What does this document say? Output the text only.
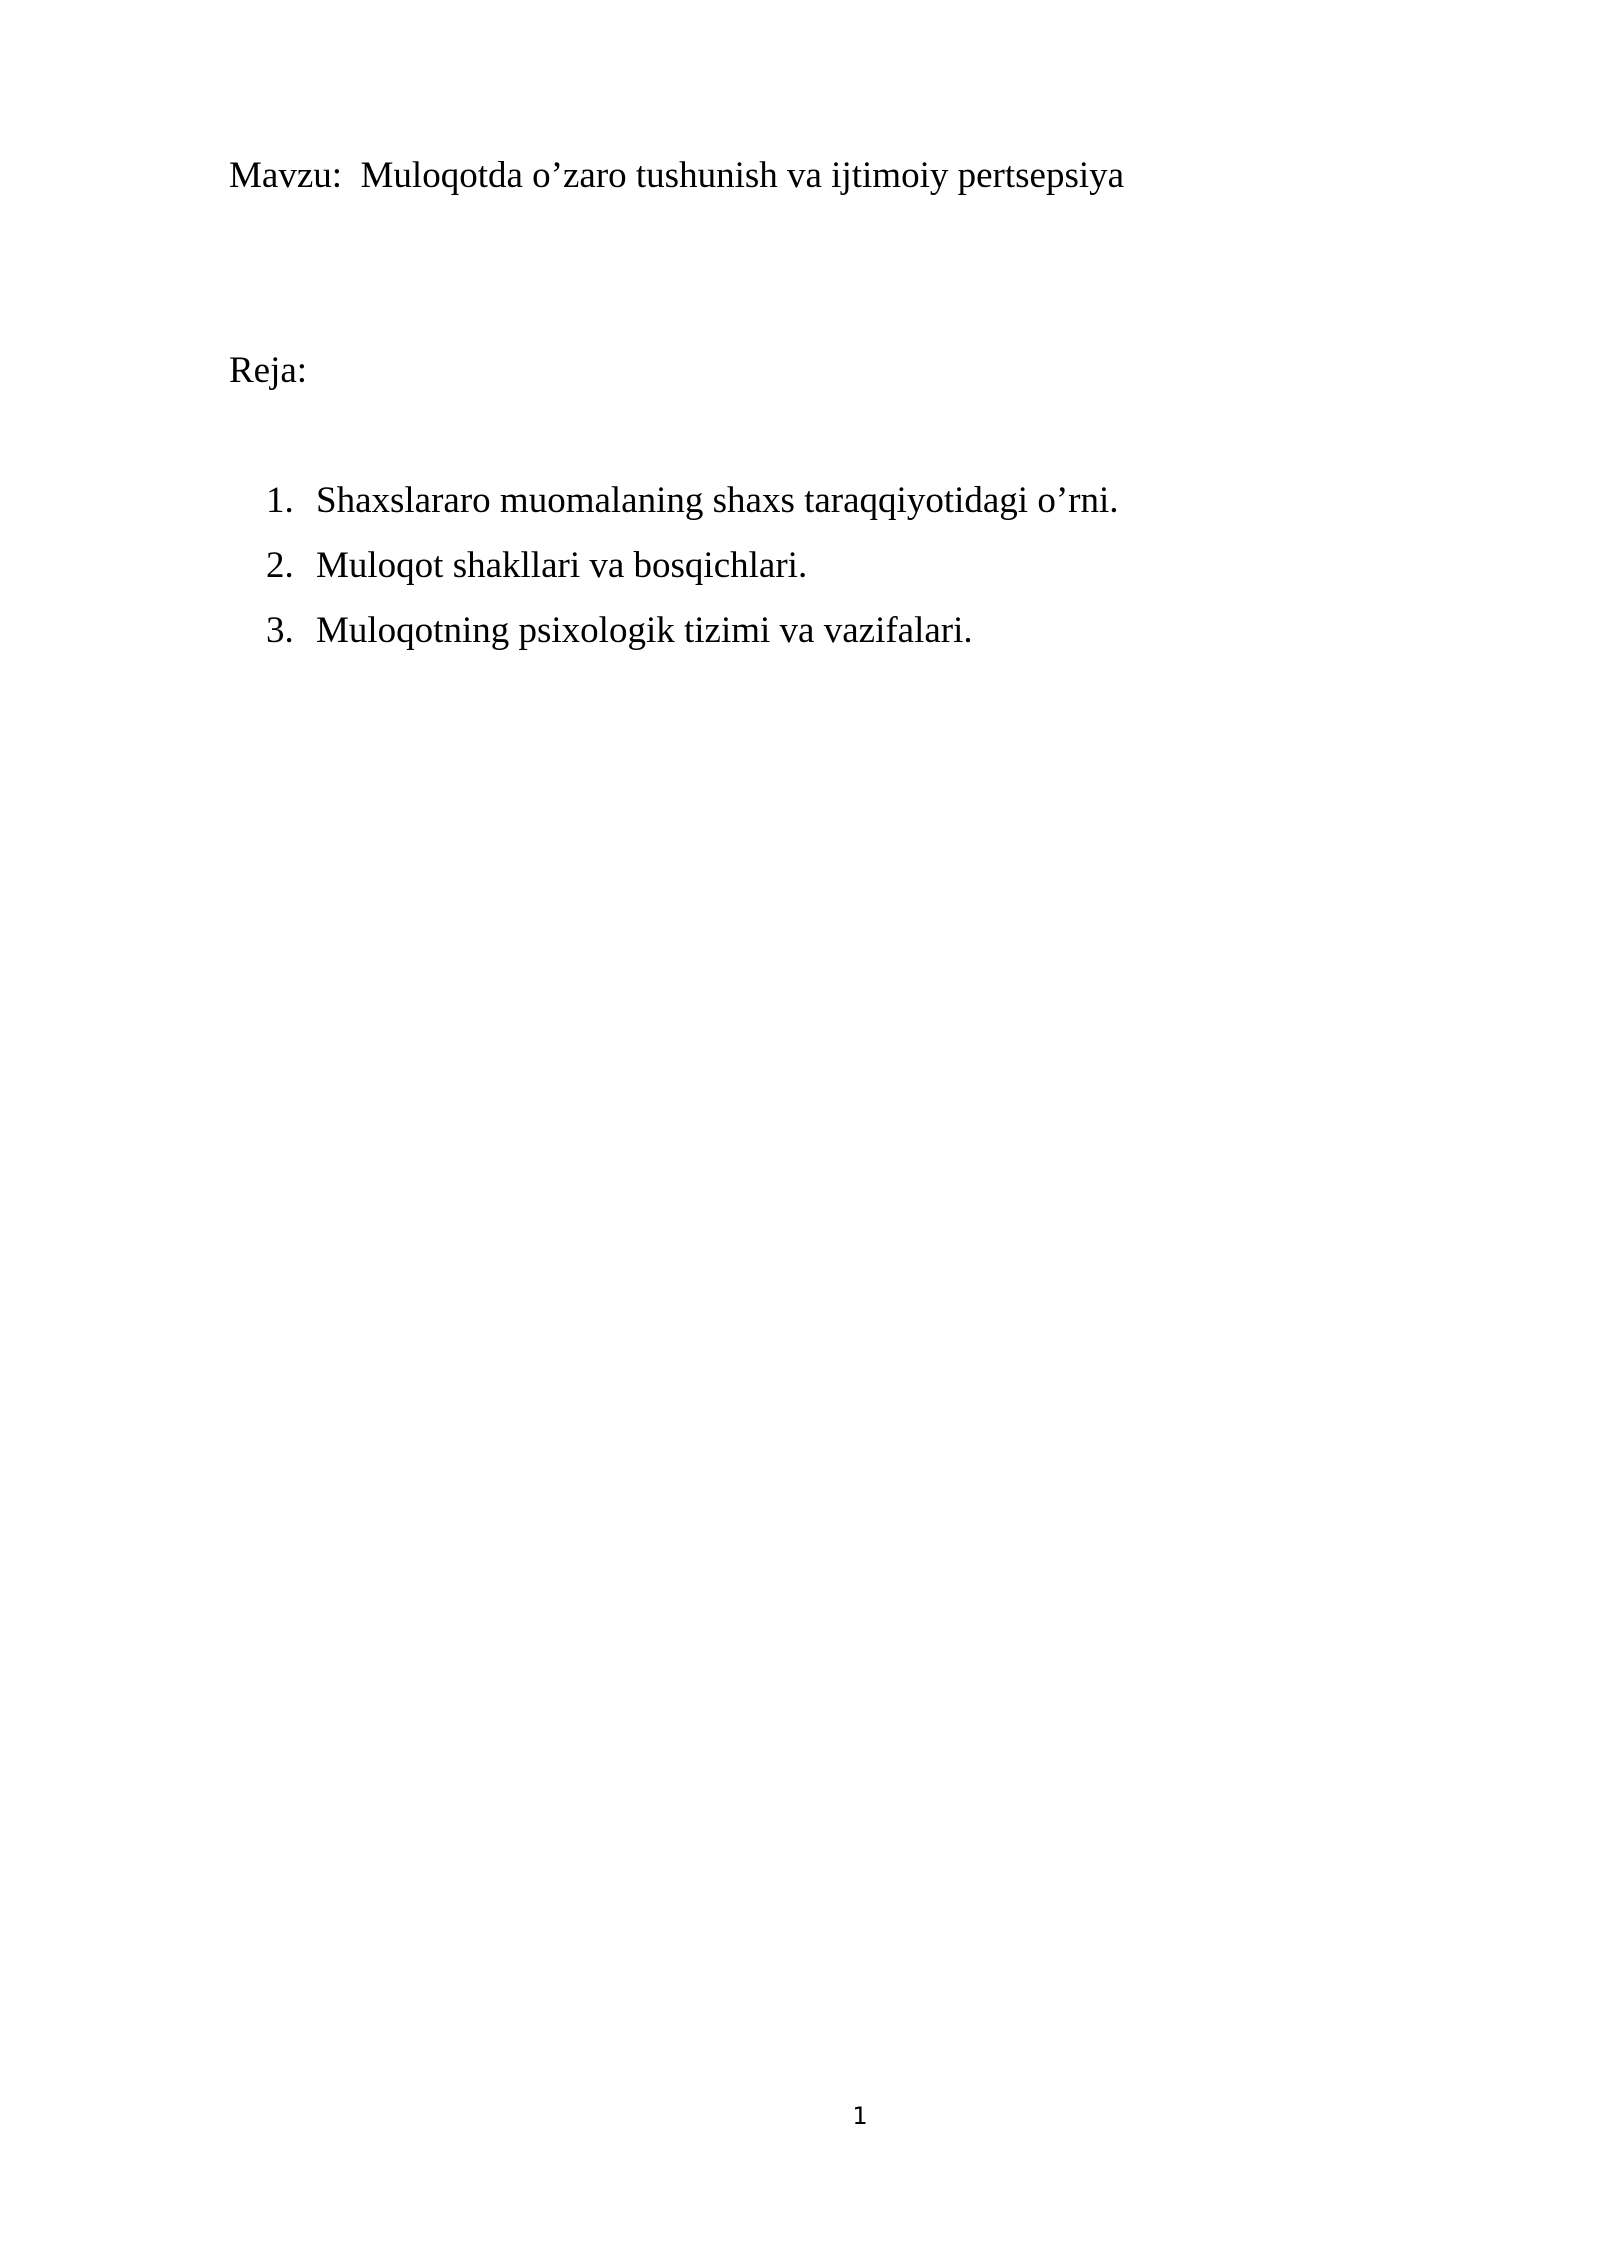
Mavzu: Muloqotda o’zaro tushunish va ijtimoiy pertsepsiya
Reja:
1. Shaxslararo muomalaning shaxs taraqqiyotidagi o’rni.
2. Muloqot shakllari va bosqichlari.
3. Muloqotning psixologik tizimi va vazifalari.
1
